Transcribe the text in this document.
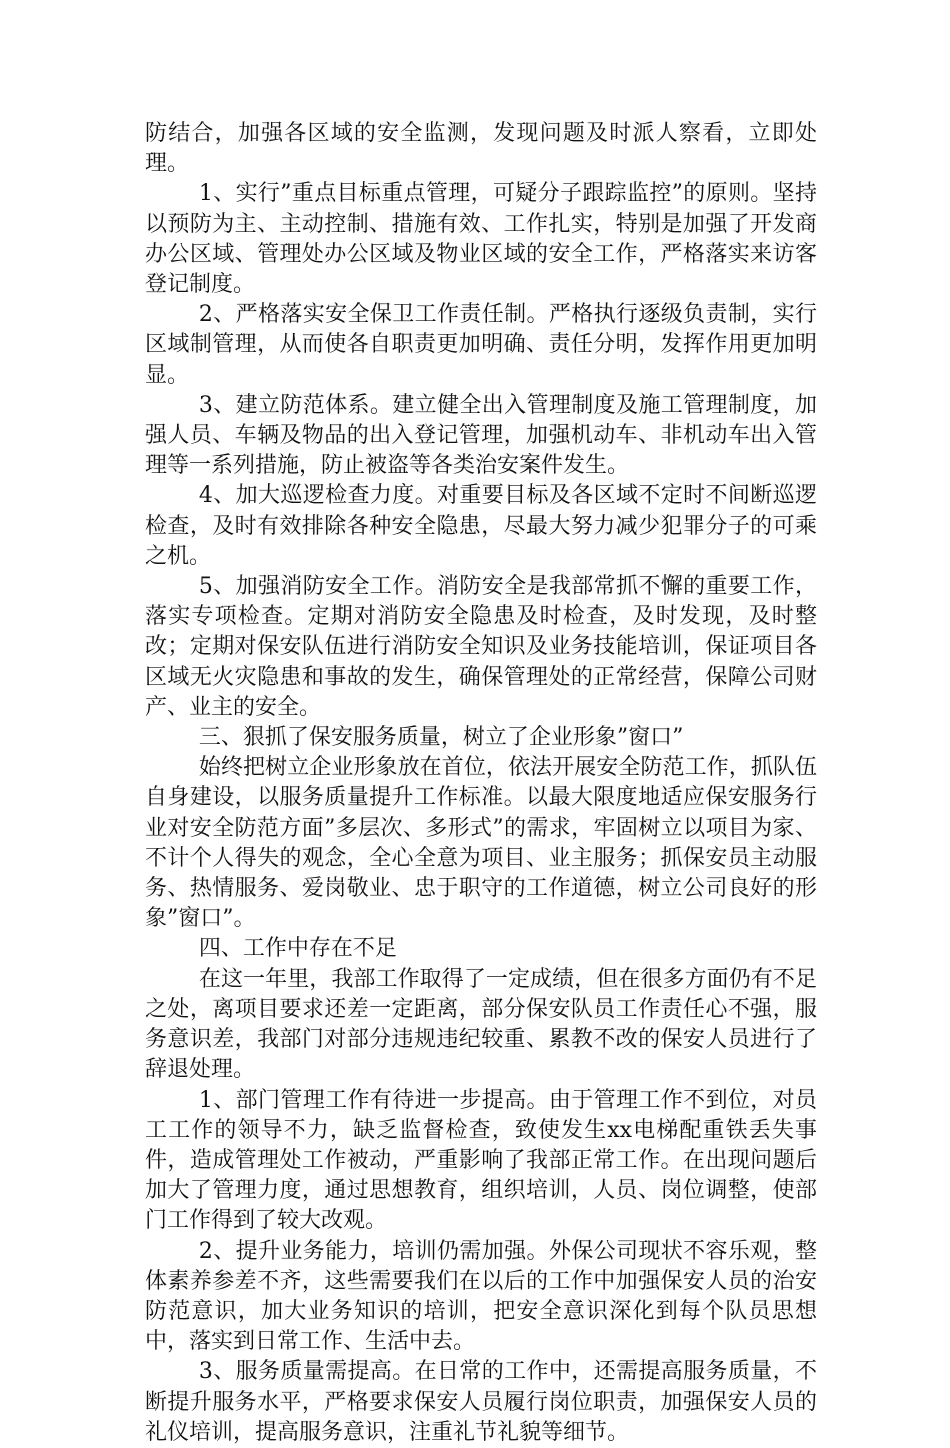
防结合，加强各区域的安全监测，发现问题及时派人察看，立即处理。

1、实行”重点目标重点管理，可疑分子跟踪监控”的原则。坚持以预防为主、主动控制、措施有效、工作扎实，特别是加强了开发商办公区域、管理处办公区域及物业区域的安全工作，严格落实来访客登记制度。

2、严格落实安全保卫工作责任制。严格执行逐级负责制，实行区域制管理，从而使各自职责更加明确、责任分明，发挥作用更加明显。

3、建立防范体系。建立健全出入管理制度及施工管理制度，加强人员、车辆及物品的出入登记管理，加强机动车、非机动车出入管理等一系列措施，防止被盗等各类治安案件发生。

4、加大巡逻检查力度。对重要目标及各区域不定时不间断巡逻检查，及时有效排除各种安全隐患，尽最大努力减少犯罪分子的可乘之机。

5、加强消防安全工作。消防安全是我部常抓不懈的重要工作，落实专项检查。定期对消防安全隐患及时检查，及时发现，及时整改；定期对保安队伍进行消防安全知识及业务技能培训，保证项目各区域无火灾隐患和事故的发生，确保管理处的正常经营，保障公司财产、业主的安全。

三、狠抓了保安服务质量，树立了企业形象”窗口”

始终把树立企业形象放在首位，依法开展安全防范工作，抓队伍自身建设，以服务质量提升工作标准。以最大限度地适应保安服务行业对安全防范方面”多层次、多形式”的需求，牢固树立以项目为家、不计个人得失的观念，全心全意为项目、业主服务；抓保安员主动服务、热情服务、爱岗敬业、忠于职守的工作道德，树立公司良好的形象”窗口”。

四、工作中存在不足

在这一年里，我部工作取得了一定成绩，但在很多方面仍有不足之处，离项目要求还差一定距离，部分保安队员工作责任心不强，服务意识差，我部门对部分违规违纪较重、累教不改的保安人员进行了辞退处理。

1、部门管理工作有待进一步提高。由于管理工作不到位，对员工工作的领导不力，缺乏监督检查，致使发生xx电梯配重铁丢失事件，造成管理处工作被动，严重影响了我部正常工作。在出现问题后加大了管理力度，通过思想教育，组织培训，人员、岗位调整，使部门工作得到了较大改观。

2、提升业务能力，培训仍需加强。外保公司现状不容乐观，整体素养参差不齐，这些需要我们在以后的工作中加强保安人员的治安防范意识，加大业务知识的培训，把安全意识深化到每个队员思想中，落实到日常工作、生活中去。

3、服务质量需提高。在日常的工作中，还需提高服务质量，不断提升服务水平，严格要求保安人员履行岗位职责，加强保安人员的礼仪培训，提高服务意识，注重礼节礼貌等细节。
